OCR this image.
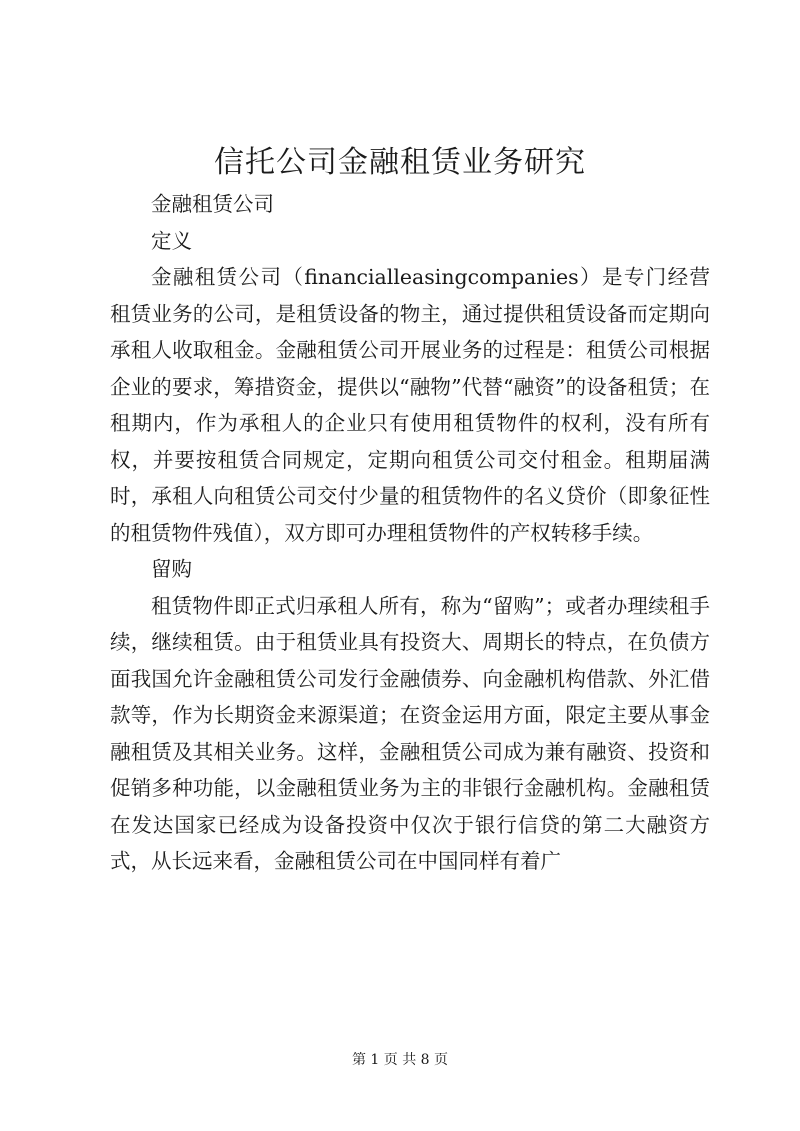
信托公司金融租赁业务研究

金融租赁公司

定义

金融租赁公司（financialleasingcompanies）是专门经营租赁业务的公司，是租赁设备的物主，通过提供租赁设备而定期向承租人收取租金。金融租赁公司开展业务的过程是：租赁公司根据企业的要求，筹措资金，提供以“融物”代替“融资”的设备租赁；在租期内，作为承租人的企业只有使用租赁物件的权利，没有所有权，并要按租赁合同规定，定期向租赁公司交付租金。租期届满时，承租人向租赁公司交付少量的租赁物件的名义贷价（即象征性的租赁物件残值），双方即可办理租赁物件的产权转移手续。

留购

租赁物件即正式归承租人所有，称为“留购”；或者办理续租手续，继续租赁。由于租赁业具有投资大、周期长的特点，在负债方面我国允许金融租赁公司发行金融债券、向金融机构借款、外汇借款等，作为长期资金来源渠道；在资金运用方面，限定主要从事金融租赁及其相关业务。这样，金融租赁公司成为兼有融资、投资和促销多种功能，以金融租赁业务为主的非银行金融机构。金融租赁在发达国家已经成为设备投资中仅次于银行信贷的第二大融资方式，从长远来看，金融租赁公司在中国同样有着广

第 1 页 共 8 页
